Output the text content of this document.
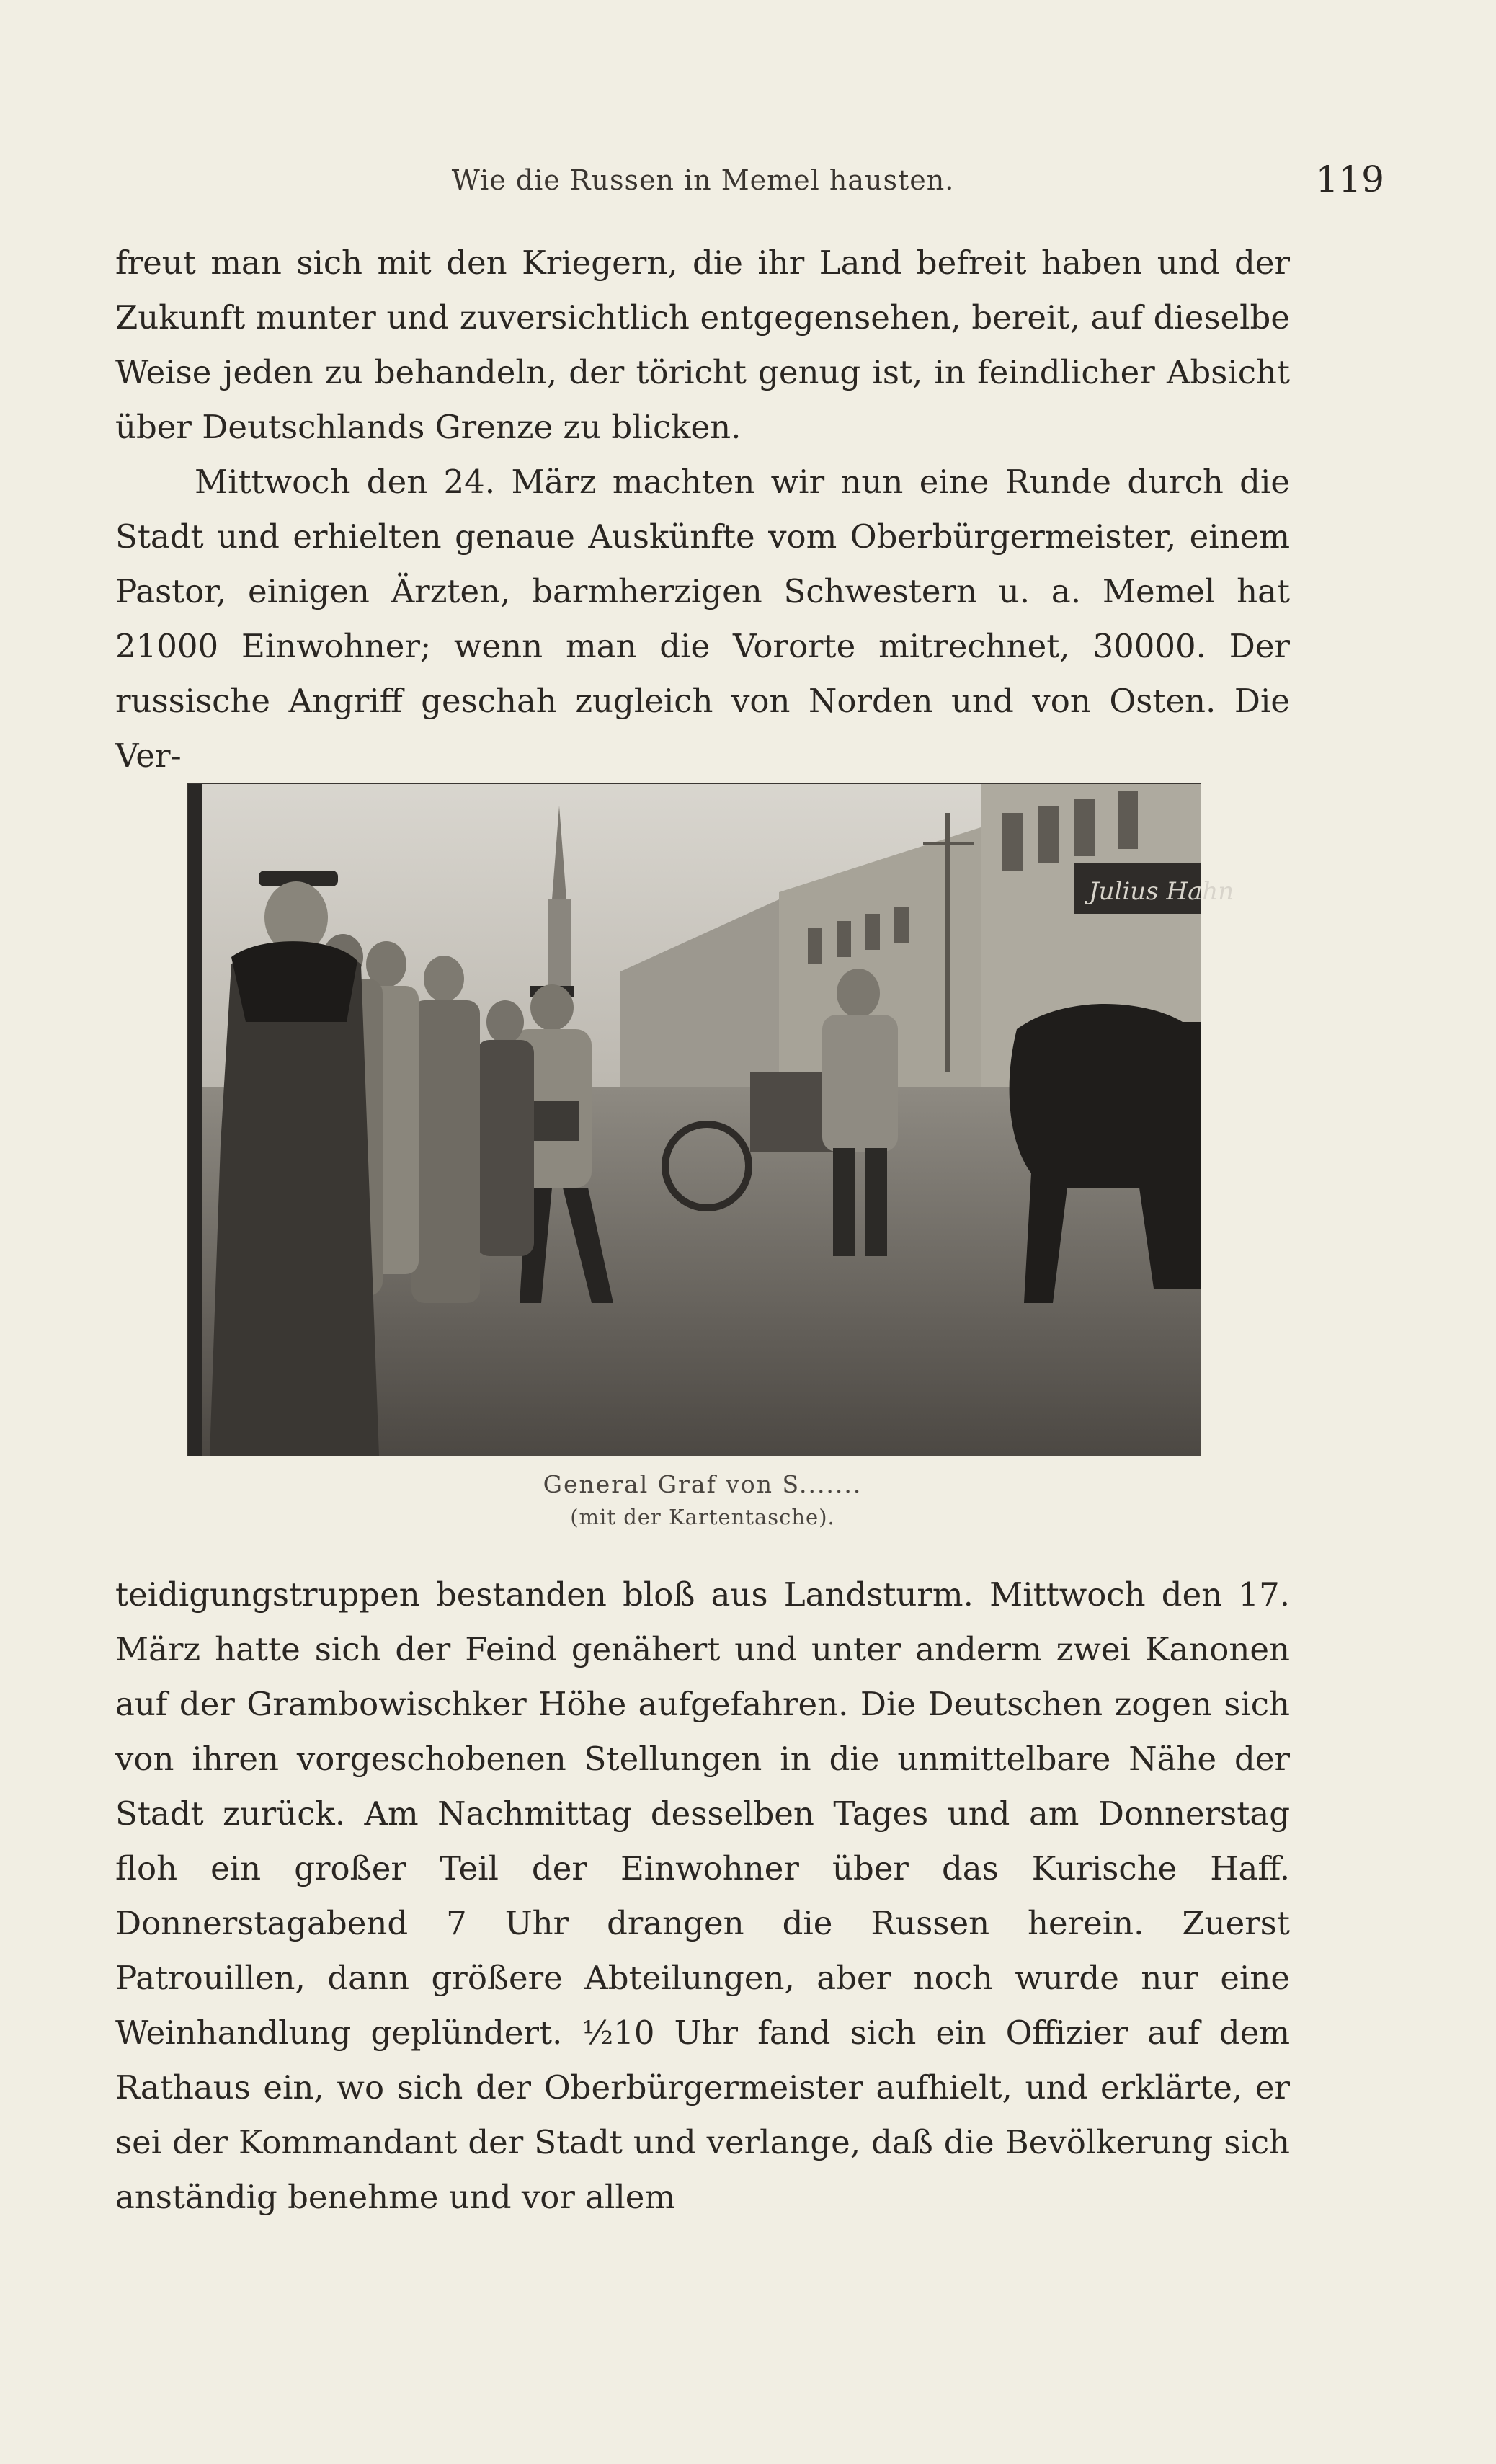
Wie die Russen in Memel hausten.	119

freut man sich mit den Kriegern, die ihr Land befreit haben und der Zukunft munter und zuversichtlich entgegensehen, bereit, auf dieselbe Weise jeden zu behandeln, der töricht genug ist, in feindlicher Absicht über Deutschlands Grenze zu blicken.

Mittwoch den 24. März machten wir nun eine Runde durch die Stadt und erhielten genaue Auskünfte vom Oberbürgermeister, einem Pastor, einigen Ärzten, barmherzigen Schwestern u. a. Memel hat 21000 Einwohner; wenn man die Vororte mitrechnet, 30000. Der russische Angriff geschah zugleich von Norden und von Osten. Die Ver-

Julius Hahn
General Graf von S.......
(mit der Kartentasche).

teidigungstruppen bestanden bloß aus Landsturm. Mittwoch den 17. März hatte sich der Feind genähert und unter anderm zwei Kanonen auf der Grambowischker Höhe aufgefahren. Die Deutschen zogen sich von ihren vorgeschobenen Stellungen in die unmittelbare Nähe der Stadt zurück. Am Nachmittag desselben Tages und am Donnerstag floh ein großer Teil der Einwohner über das Kurische Haff. Donnerstagabend 7 Uhr drangen die Russen herein. Zuerst Patrouillen, dann größere Abteilungen, aber noch wurde nur eine Weinhandlung geplündert. ½10 Uhr fand sich ein Offizier auf dem Rathaus ein, wo sich der Oberbürgermeister aufhielt, und erklärte, er sei der Kommandant der Stadt und verlange, daß die Bevölkerung sich anständig benehme und vor allem
